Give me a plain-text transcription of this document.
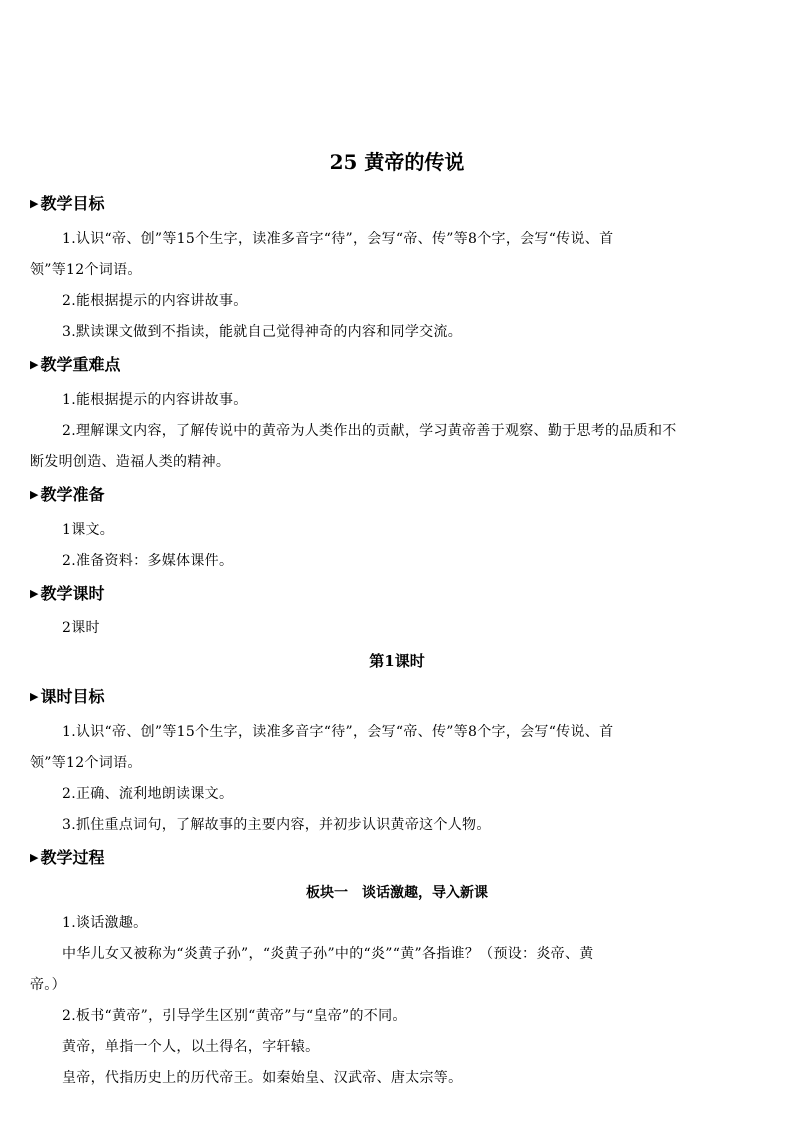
25 黄帝的传说
▶ 教学目标
1.认识“帝、创”等15个生字，读准多音字“待”，会写“帝、传”等8个字，会写“传说、首
领”等12个词语。
2.能根据提示的内容讲故事。
3.默读课文做到不指读，能就自己觉得神奇的内容和同学交流。
▶ 教学重难点
1.能根据提示的内容讲故事。
2.理解课文内容，了解传说中的黄帝为人类作出的贡献，学习黄帝善于观察、勤于思考的品质和不
断发明创造、造福人类的精神。
▶ 教学准备
1课文。
2.准备资料：多媒体课件。
▶ 教学课时
2课时
第1课时
▶ 课时目标
1.认识“帝、创”等15个生字，读准多音字“待”，会写“帝、传”等8个字，会写“传说、首
领”等12个词语。
2.正确、流利地朗读课文。
3.抓住重点词句，了解故事的主要内容，并初步认识黄帝这个人物。
▶ 教学过程
板块一　谈话激趣，导入新课
1.谈话激趣。
中华儿女又被称为“炎黄子孙”，“炎黄子孙”中的“炎”“黄”各指谁？（预设：炎帝、黄
帝。）
2.板书“黄帝”，引导学生区别“黄帝”与“皇帝”的不同。
黄帝，单指一个人，以土得名，字轩辕。
皇帝，代指历史上的历代帝王。如秦始皇、汉武帝、唐太宗等。
